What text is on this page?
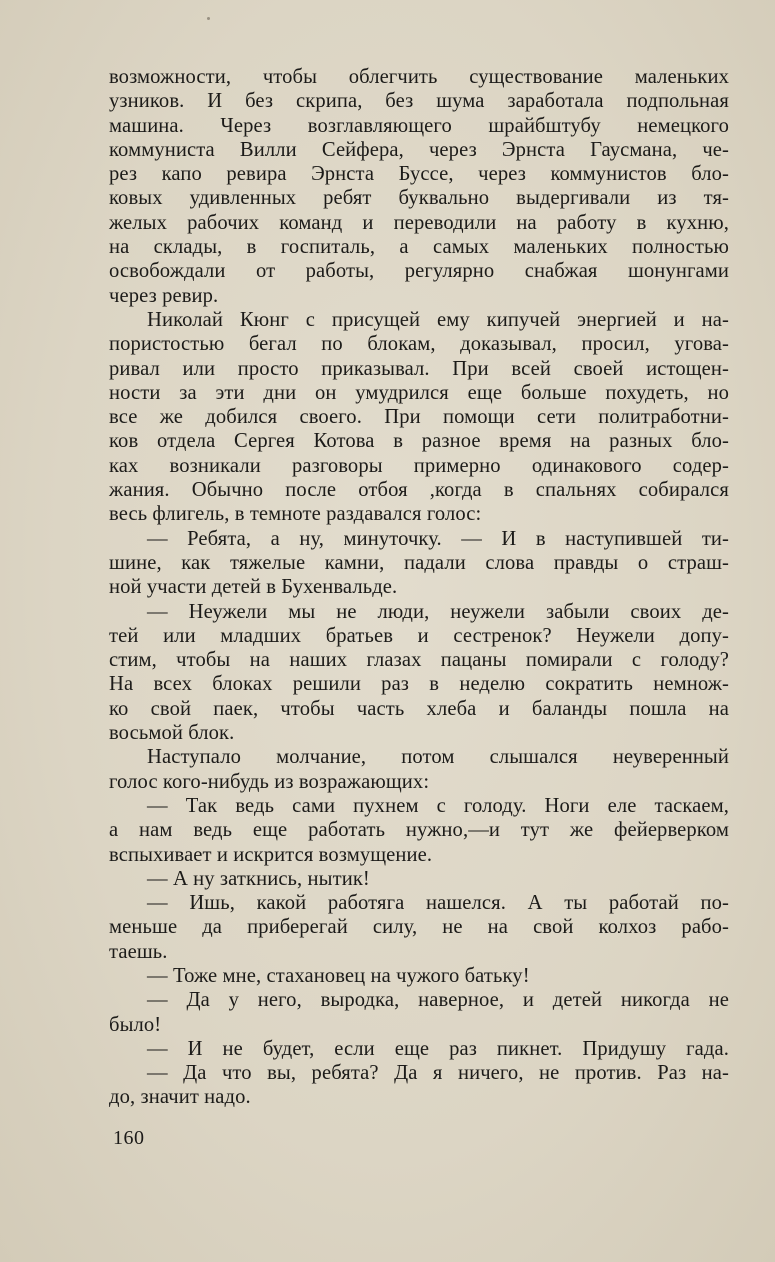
возможности, чтобы облегчить существование маленьких
узников. И без скрипа, без шума заработала подпольная
машина. Через возглавляющего шрайбштубу немецкого
коммуниста Вилли Сейфера, через Эрнста Гаусмана, че-
рез капо ревира Эрнста Буссе, через коммунистов бло-
ковых удивленных ребят буквально выдергивали из тя-
желых рабочих команд и переводили на работу в кухню,
на склады, в госпиталь, а самых маленьких полностью
освобождали от работы, регулярно снабжая шонунгами
через ревир.
Николай Кюнг с присущей ему кипучей энергией и на-
пористостью бегал по блокам, доказывал, просил, угова-
ривал или просто приказывал. При всей своей истощен-
ности за эти дни он умудрился еще больше похудеть, но
все же добился своего. При помощи сети политработни-
ков отдела Сергея Котова в разное время на разных бло-
ках возникали разговоры примерно одинакового содер-
жания. Обычно после отбоя ,когда в спальнях собирался
весь флигель, в темноте раздавался голос:
— Ребята, а ну, минуточку. — И в наступившей ти-
шине, как тяжелые камни, падали слова правды о страш-
ной участи детей в Бухенвальде.
— Неужели мы не люди, неужели забыли своих де-
тей или младших братьев и сестренок? Неужели допу-
стим, чтобы на наших глазах пацаны помирали с голоду?
На всех блоках решили раз в неделю сократить немнож-
ко свой паек, чтобы часть хлеба и баланды пошла на
восьмой блок.
Наступало молчание, потом слышался неуверенный
голос кого-нибудь из возражающих:
— Так ведь сами пухнем с голоду. Ноги еле таскаем,
а нам ведь еще работать нужно,—и тут же фейерверком
вспыхивает и искрится возмущение.
— А ну заткнись, нытик!
— Ишь, какой работяга нашелся. А ты работай по-
меньше да приберегай силу, не на свой колхоз рабо-
таешь.
— Тоже мне, стахановец на чужого батьку!
— Да у него, выродка, наверное, и детей никогда не
было!
— И не будет, если еще раз пикнет. Придушу гада.
— Да что вы, ребята? Да я ничего, не против. Раз на-
до, значит надо.
160
